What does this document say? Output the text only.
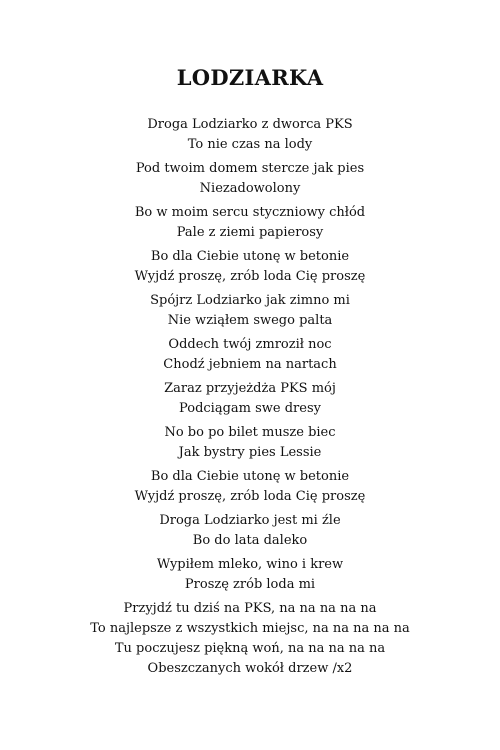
LODZIARKA
Droga Lodziarko z dworca PKS
To nie czas na lody
Pod twoim domem stercze jak pies
Niezadowolony
Bo w moim sercu styczniowy chłód
Pale z ziemi papierosy
Bo dla Ciebie utonę w betonie
Wyjdź proszę, zrób loda Cię proszę
Spójrz Lodziarko jak zimno mi
Nie wziąłem swego palta
Oddech twój zmroził noc
Chodź jebniem na nartach
Zaraz przyjeżdża PKS mój
Podciągam swe dresy
No bo po bilet musze biec
Jak bystry pies Lessie
Bo dla Ciebie utonę w betonie
Wyjdź proszę, zrób loda Cię proszę
Droga Lodziarko jest mi źle
Bo do lata daleko
Wypiłem mleko, wino i krew
Proszę zrób loda mi
Przyjdź tu dziś na PKS, na na na na na
To najlepsze z wszystkich miejsc, na na na na na
Tu poczujesz piękną woń, na na na na na
Obeszczanych wokół drzew /x2
